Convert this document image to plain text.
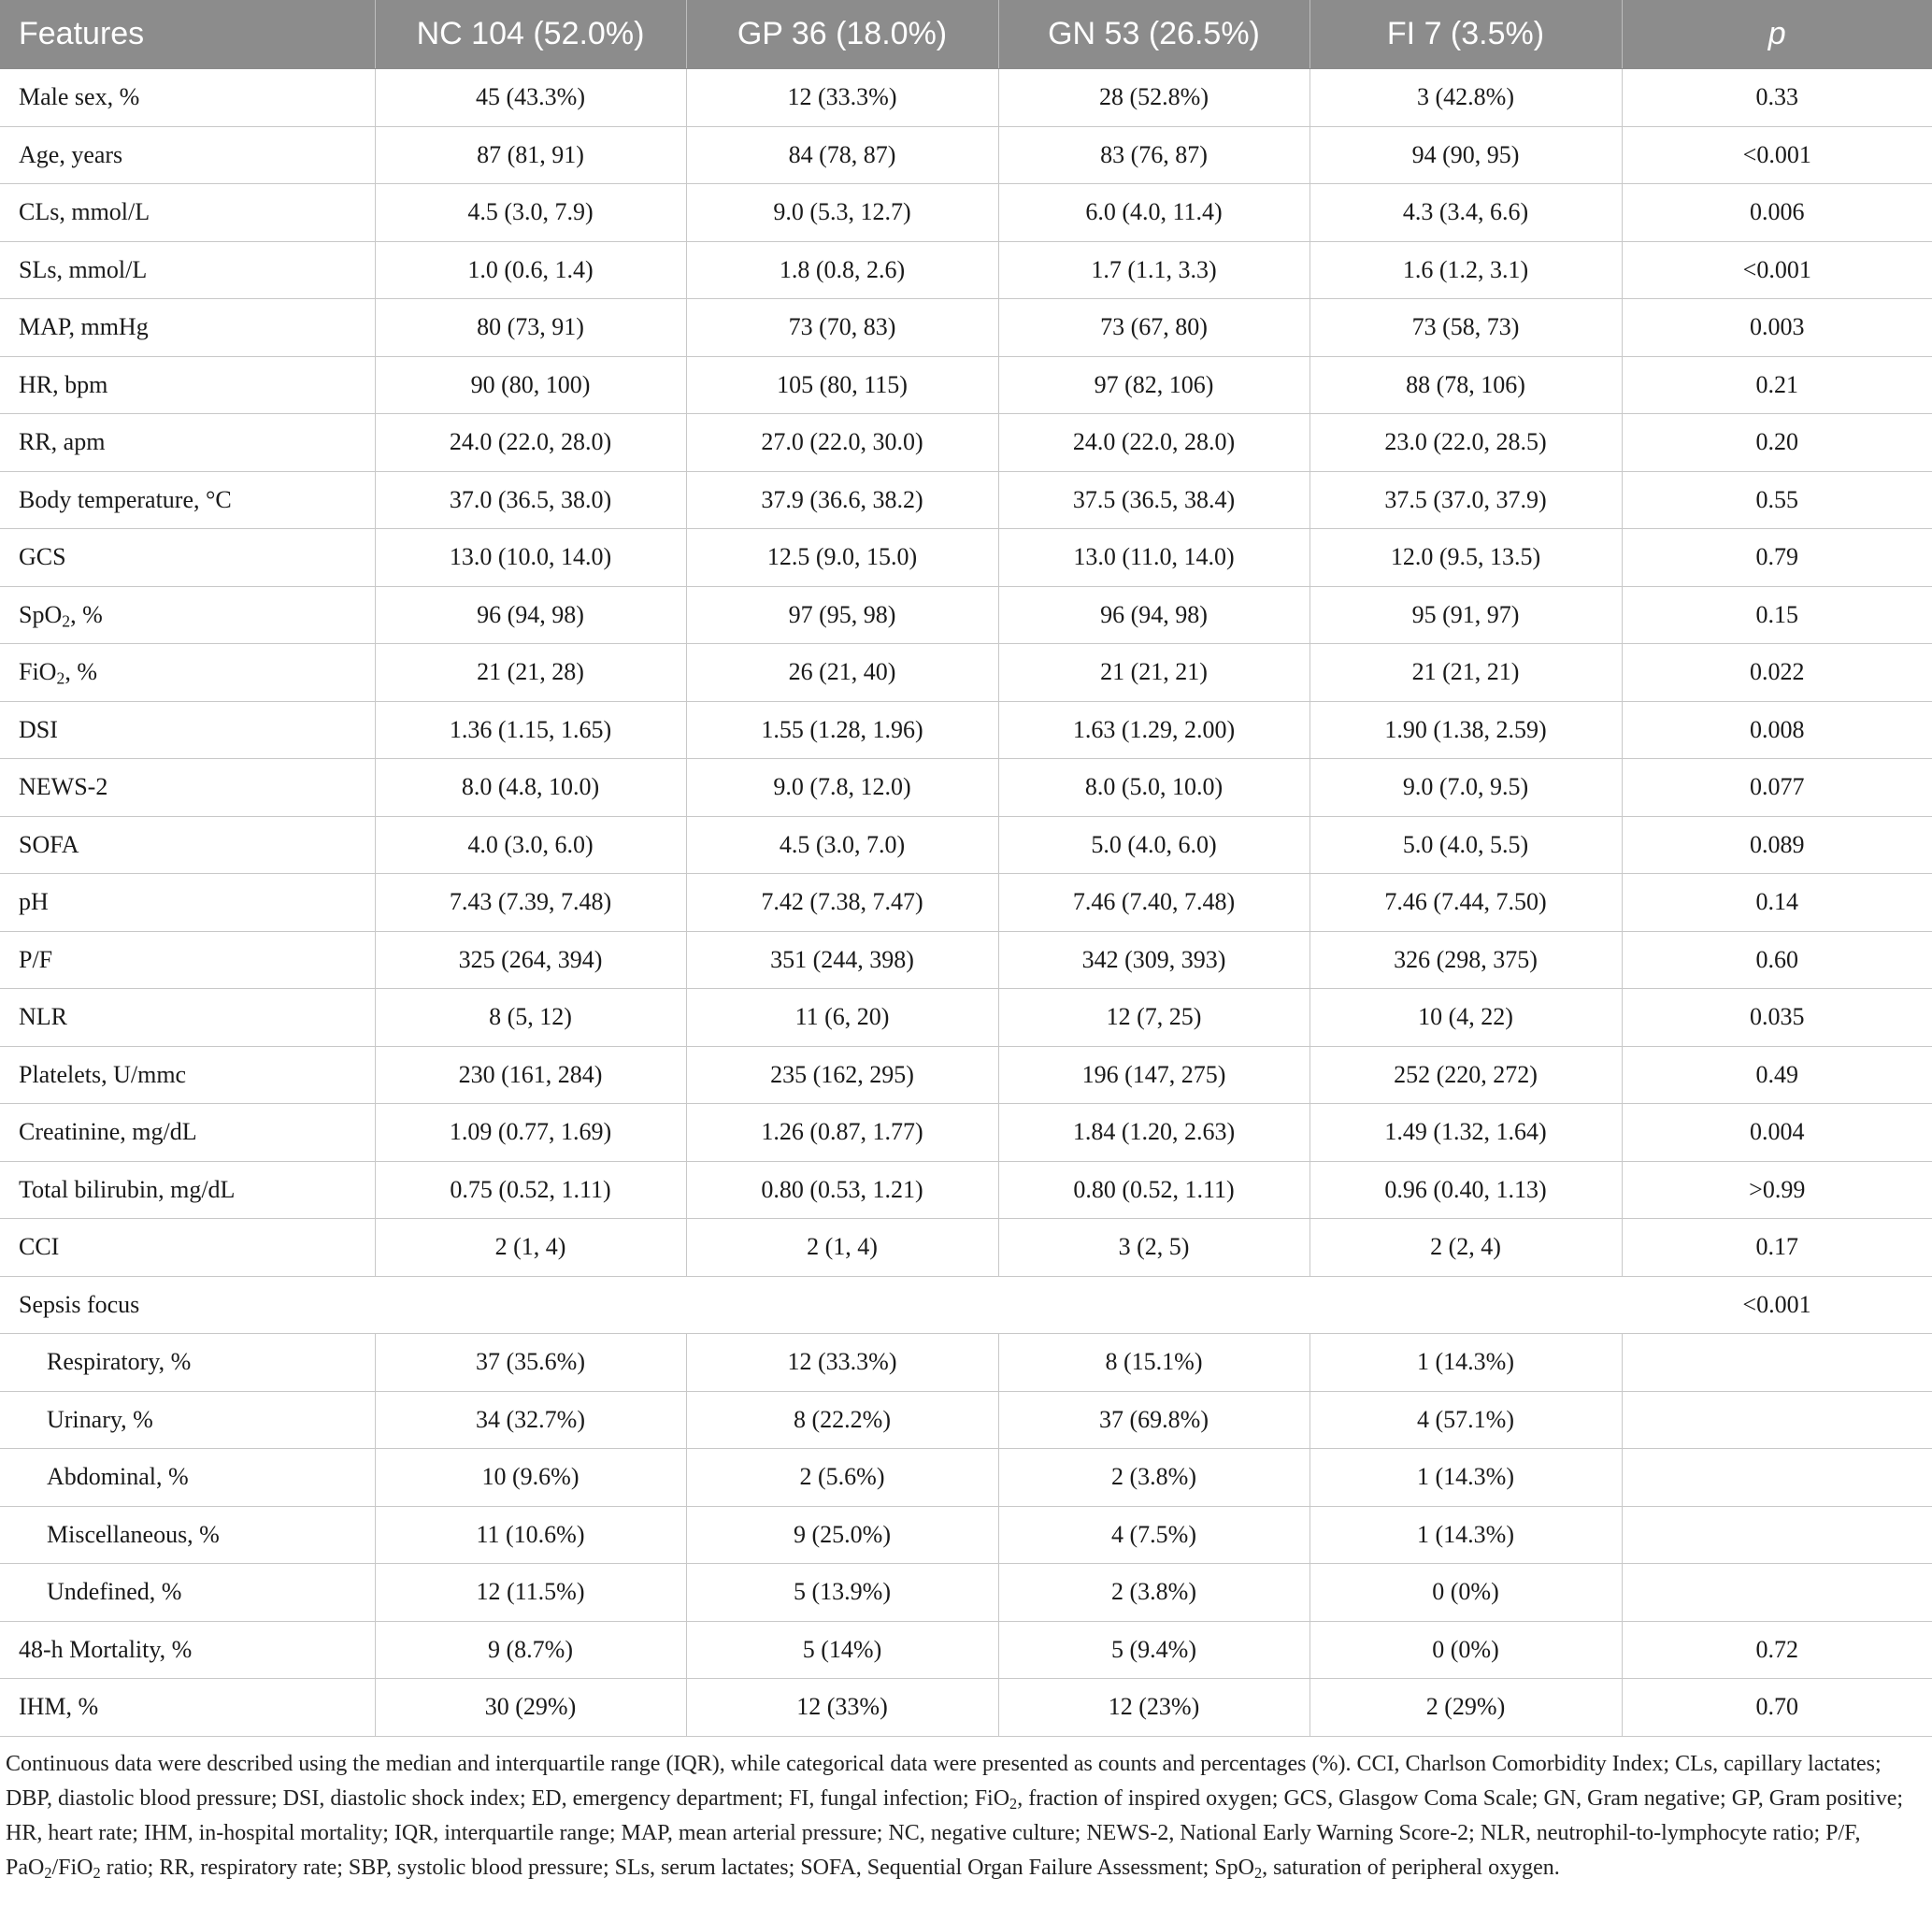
Features	NC 104 (52.0%)	GP 36 (18.0%)	GN 53 (26.5%)	FI 7 (3.5%)	p
Male sex, %	45 (43.3%)	12 (33.3%)	28 (52.8%)	3 (42.8%)	0.33
Age, years	87 (81, 91)	84 (78, 87)	83 (76, 87)	94 (90, 95)	<0.001
CLs, mmol/L	4.5 (3.0, 7.9)	9.0 (5.3, 12.7)	6.0 (4.0, 11.4)	4.3 (3.4, 6.6)	0.006
SLs, mmol/L	1.0 (0.6, 1.4)	1.8 (0.8, 2.6)	1.7 (1.1, 3.3)	1.6 (1.2, 3.1)	<0.001
MAP, mmHg	80 (73, 91)	73 (70, 83)	73 (67, 80)	73 (58, 73)	0.003
HR, bpm	90 (80, 100)	105 (80, 115)	97 (82, 106)	88 (78, 106)	0.21
RR, apm	24.0 (22.0, 28.0)	27.0 (22.0, 30.0)	24.0 (22.0, 28.0)	23.0 (22.0, 28.5)	0.20
Body temperature, °C	37.0 (36.5, 38.0)	37.9 (36.6, 38.2)	37.5 (36.5, 38.4)	37.5 (37.0, 37.9)	0.55
GCS	13.0 (10.0, 14.0)	12.5 (9.0, 15.0)	13.0 (11.0, 14.0)	12.0 (9.5, 13.5)	0.79
SpO$_2$, %	96 (94, 98)	97 (95, 98)	96 (94, 98)	95 (91, 97)	0.15
FiO$_2$, %	21 (21, 28)	26 (21, 40)	21 (21, 21)	21 (21, 21)	0.022
DSI	1.36 (1.15, 1.65)	1.55 (1.28, 1.96)	1.63 (1.29, 2.00)	1.90 (1.38, 2.59)	0.008
NEWS-2	8.0 (4.8, 10.0)	9.0 (7.8, 12.0)	8.0 (5.0, 10.0)	9.0 (7.0, 9.5)	0.077
SOFA	4.0 (3.0, 6.0)	4.5 (3.0, 7.0)	5.0 (4.0, 6.0)	5.0 (4.0, 5.5)	0.089
pH	7.43 (7.39, 7.48)	7.42 (7.38, 7.47)	7.46 (7.40, 7.48)	7.46 (7.44, 7.50)	0.14
P/F	325 (264, 394)	351 (244, 398)	342 (309, 393)	326 (298, 375)	0.60
NLR	8 (5, 12)	11 (6, 20)	12 (7, 25)	10 (4, 22)	0.035
Platelets, U/mmc	230 (161, 284)	235 (162, 295)	196 (147, 275)	252 (220, 272)	0.49
Creatinine, mg/dL	1.09 (0.77, 1.69)	1.26 (0.87, 1.77)	1.84 (1.20, 2.63)	1.49 (1.32, 1.64)	0.004
Total bilirubin, mg/dL	0.75 (0.52, 1.11)	0.80 (0.53, 1.21)	0.80 (0.52, 1.11)	0.96 (0.40, 1.13)	>0.99
CCI	2 (1, 4)	2 (1, 4)	3 (2, 5)	2 (2, 4)	0.17
Sepsis focus					<0.001
Respiratory, %	37 (35.6%)	12 (33.3%)	8 (15.1%)	1 (14.3%)	
Urinary, %	34 (32.7%)	8 (22.2%)	37 (69.8%)	4 (57.1%)	
Abdominal, %	10 (9.6%)	2 (5.6%)	2 (3.8%)	1 (14.3%)	
Miscellaneous, %	11 (10.6%)	9 (25.0%)	4 (7.5%)	1 (14.3%)	
Undefined, %	12 (11.5%)	5 (13.9%)	2 (3.8%)	0 (0%)	
48-h Mortality, %	9 (8.7%)	5 (14%)	5 (9.4%)	0 (0%)	0.72
IHM, %	30 (29%)	12 (33%)	12 (23%)	2 (29%)	0.70
Continuous data were described using the median and interquartile range (IQR), while categorical data were presented as counts and percentages (%). CCI, Charlson Comorbidity Index; CLs, capillary lactates; DBP, diastolic blood pressure; DSI, diastolic shock index; ED, emergency department; FI, fungal infection; FiO$_2$, fraction of inspired oxygen; GCS, Glasgow Coma Scale; GN, Gram negative; GP, Gram positive; HR, heart rate; IHM, in-hospital mortality; IQR, interquartile range; MAP, mean arterial pressure; NC, negative culture; NEWS-2, National Early Warning Score-2; NLR, neutrophil-to-lymphocyte ratio; P/F, PaO$_2$/FiO$_2$ ratio; RR, respiratory rate; SBP, systolic blood pressure; SLs, serum lactates; SOFA, Sequential Organ Failure Assessment; SpO$_2$, saturation of peripheral oxygen.
